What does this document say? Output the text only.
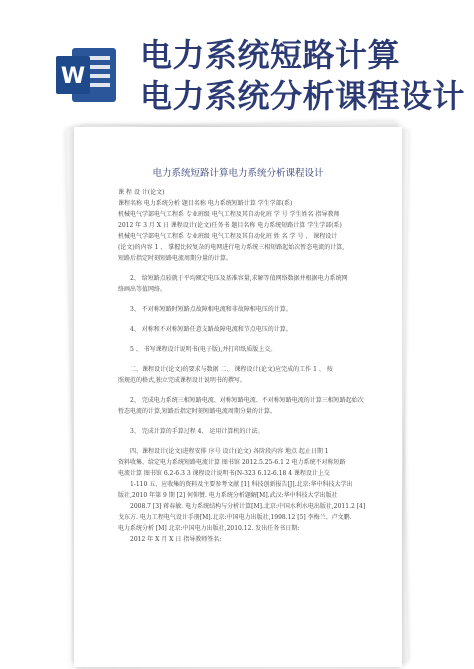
W
电力系统短路计算
电力系统分析课程设计
电力系统短路计算电力系统分析课程设计

课 程 设 计(论文)

课程名称 电力系统分析 题目名称 电力系统短路计算 学生学部(系)

机械电气学部电气工程系 专业班级 电气工程及其自动化班 学 号 学生姓名 指导教师

2012 年 3 月 X 日 课程设计(论文)任务书 题目名称 电力系统短路计算 学生学部(系)

机械电气学部电气工程系 专业班级 电气工程及其自动化班 姓 名 学 号 、 课程设计

(论文)的内容 1 、 掌握比较复杂的电网进行电力系统三相短路起始次暂态电流的计算,

短路后指定时刻短路电流周期分量的计算。

2、 给短路点较就于平均额定电压及基准容量,求解等值网络数据并根据电力系统网

络画出等值网络。

3、 不对称短路时短路点故障相电流和非故障相电压的计算。

4、 对称和不对称短路任意支路故障电流和节点电压的计算。

5 、 书写课程设计说明书(电子版),并打印纸质版上交。

二、课程设计(论文)的要求与数据 二、 课程设计(论文)应完成的工作 1 、 按

照规范的格式,独立完成课程设计说明书的撰写。

2、 完成电力系统三相短路电流、对称短路电流、不对称短路电流的计算三相短路起始次

暂态电流的计算,短路后指定时刻短路电流周期分量的计算。

3、 完成计算的手算过程 4、 运用计算机的计法。

四、课程设计(论文)进程安排 序号 设计(论文) 各阶段内容 地点 起止日期 1

资料收集、给定电力系统短路电流计算 图书馆 2012.5.25-6.1 2 电力系统不对称短路

电流计算 图书馆 6.2-6.3 3 课程设计说明书(N-323 6.12-6.18 4 课程设计上交

1-110 五、应收集的资料及主要参考文献 [1] 科技创新报告[J].北京:华中科技大学出

版社,2010 年第 9 期 [2] 何仰赞. 电力系统分析题解[M].武汉:华中科技大学出版社

2008.7 [3] 蒋春敏. 电力系统结构与分析计算[M].北京:中国水利水电出版社,2011.2 [4]

戈东方. 电力工程电气设计手册[M].北京:中国电力出版社,1998.12 [5] 李梅兰、卢文鹏.

电力系统分析 [M] 北京:中国电力出版社,2010.12. 发出任务书日期:

2012 年 X 月 X 日 指导教师签名:
